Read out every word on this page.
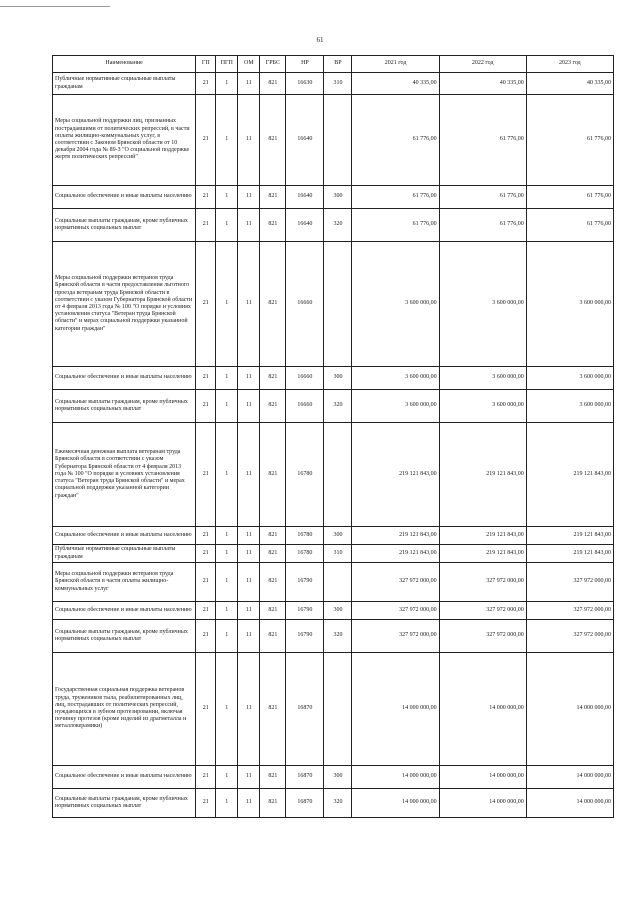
61
Наименование	ГП	ПГП	ОМ	ГРБС	НР	ВР	2021 год	2022 год	2023 год
Публичные нормативные социальные выплаты гражданам	21	1	11	821	16630	310	40 335,00	40 335,00	40 335,00
Меры социальной поддержки лиц, признанных пострадавшими от политических репрессий, в части оплаты жилищно-коммунальных услуг, в соответствии с Законом Брянской области от 10 декабря 2004 года № 89-З "О социальной поддержке жертв политических репрессий"	21	1	11	821	16640		61 776,00	61 776,00	61 776,00
Социальное обеспечение и иные выплаты населению	21	1	11	821	16640	300	61 776,00	61 776,00	61 776,00
Социальные выплаты гражданам, кроме публичных нормативных социальных выплат	21	1	11	821	16640	320	61 776,00	61 776,00	61 776,00
Меры социальной поддержки ветеранов труда Брянской области в части предоставления льготного проезда ветеранам труда Брянской области в соответствии с указом Губернатора Брянской области от 4 февраля 2013 года № 100 "О порядке и условиях установления статуса "Ветеран труда Брянской области" и мерах социальной поддержки указанной категории граждан"	21	1	11	821	16660		3 600 000,00	3 600 000,00	3 600 000,00
Социальное обеспечение и иные выплаты населению	21	1	11	821	16660	300	3 600 000,00	3 600 000,00	3 600 000,00
Социальные выплаты гражданам, кроме публичных нормативных социальных выплат	21	1	11	821	16660	320	3 600 000,00	3 600 000,00	3 600 000,00
Ежемесячная денежная выплата ветеранам труда Брянской области в соответствии с указом Губернатора Брянской области от 4 февраля 2013 года № 100 "О порядке и условиях установления статуса "Ветеран труда Брянской области" и мерах социальной поддержки указанной категории граждан"	21	1	11	821	16780		219 121 843,00	219 121 843,00	219 121 843,00
Социальное обеспечение и иные выплаты населению	21	1	11	821	16780	300	219 121 843,00	219 121 843,00	219 121 843,00
Публичные нормативные социальные выплаты гражданам	21	1	11	821	16780	310	219 121 843,00	219 121 843,00	219 121 843,00
Меры социальной поддержки ветеранов труда Брянской области в части оплаты жилищно-коммунальных услуг	21	1	11	821	16790		327 972 000,00	327 972 000,00	327 972 000,00
Социальное обеспечение и иные выплаты населению	21	1	11	821	16790	300	327 972 000,00	327 972 000,00	327 972 000,00
Социальные выплаты гражданам, кроме публичных нормативных социальных выплат	21	1	11	821	16790	320	327 972 000,00	327 972 000,00	327 972 000,00
Государственная социальная поддержка ветеранов труда, тружеников тыла, реабилитированных лиц, лиц, пострадавших от политических репрессий, нуждающихся в зубном протезировании, включая починку протезов (кроме изделий из драгметалла и металлокерамики)	21	1	11	821	16870		14 000 000,00	14 000 000,00	14 000 000,00
Социальное обеспечение и иные выплаты населению	21	1	11	821	16870	300	14 000 000,00	14 000 000,00	14 000 000,00
Социальные выплаты гражданам, кроме публичных нормативных социальных выплат	21	1	11	821	16870	320	14 000 000,00	14 000 000,00	14 000 000,00
